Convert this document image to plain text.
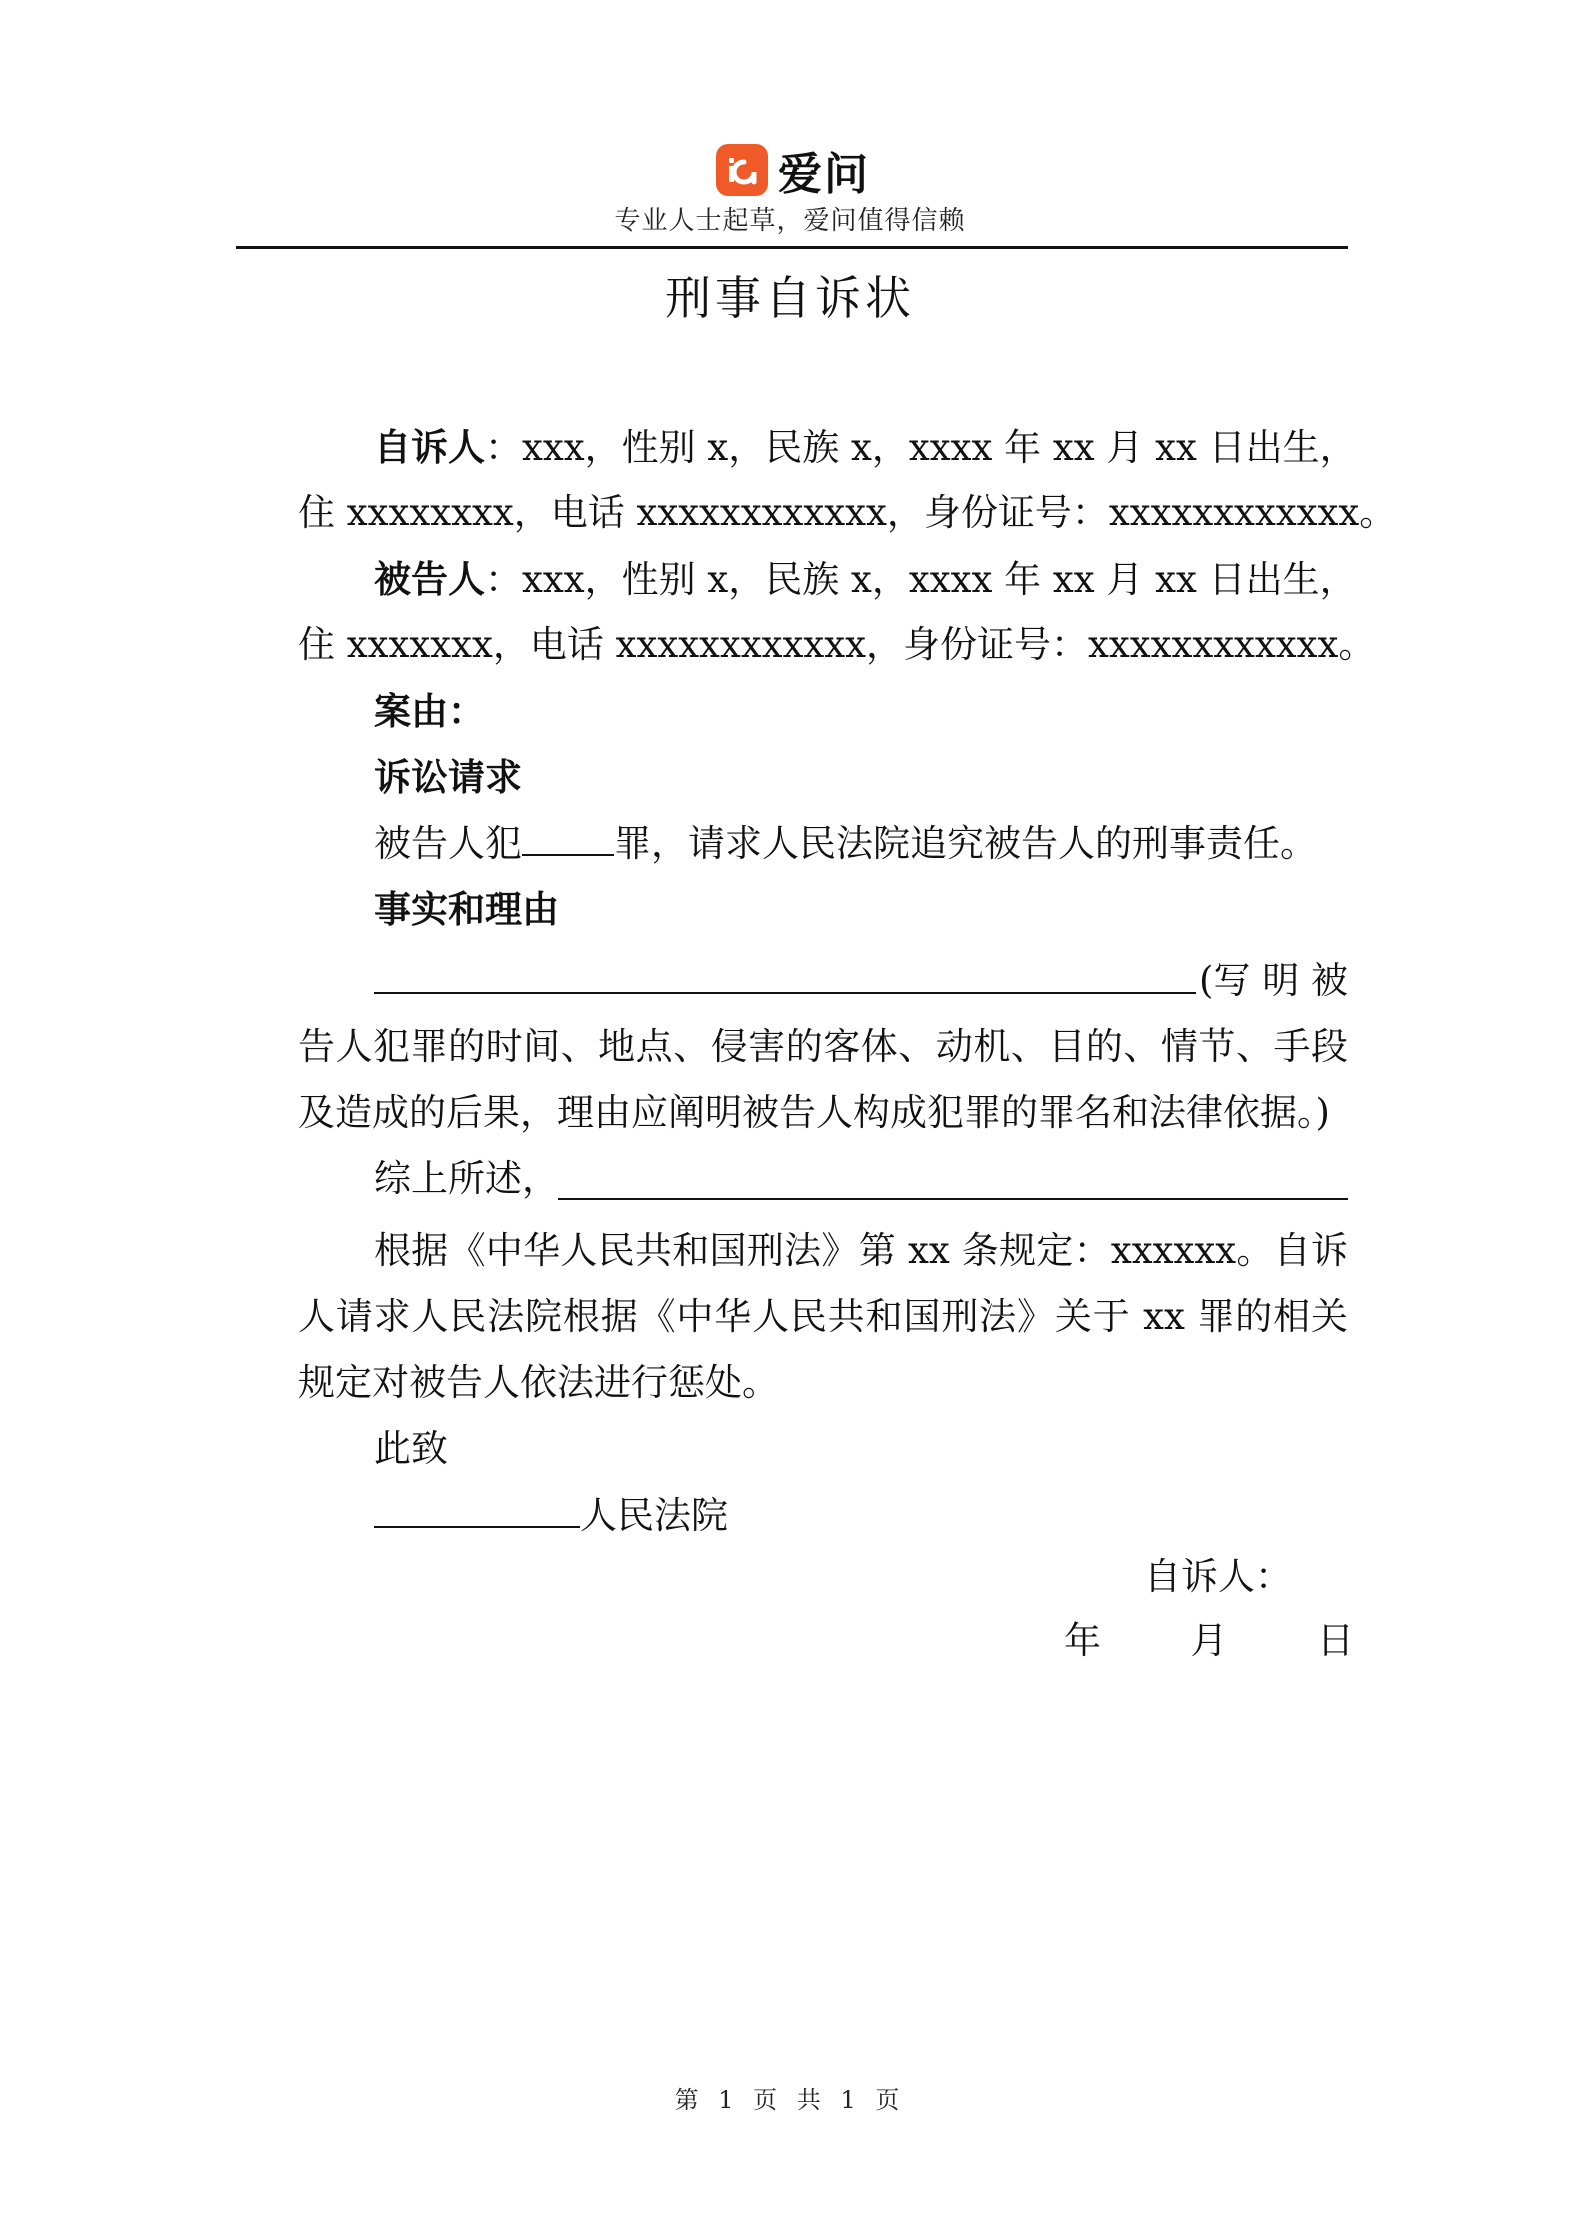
爱问
专业人士起草，爱问值得信赖
刑事自诉状
自诉人：xxx，性别 x，民族 x，xxxx 年 xx 月 xx 日出生，
住 xxxxxxxx，电话 xxxxxxxxxxxx，身份证号：xxxxxxxxxxxx。
被告人：xxx，性别 x，民族 x，xxxx 年 xx 月 xx 日出生，
住 xxxxxxx，电话 xxxxxxxxxxxx，身份证号：xxxxxxxxxxxx。
案由：
诉讼请求
被告人犯 罪，请求人民法院追究被告人的刑事责任。
事实和理由
(写 明 被
告人犯罪的时间、地点、侵害的客体、动机、目的、情节、手段
及造成的后果，理由应阐明被告人构成犯罪的罪名和法律依据。)
综上所述，
根据《中华人民共和国刑法》第 xx 条规定：xxxxxx。自诉
人请求人民法院根据《中华人民共和国刑法》关于 xx 罪的相关
规定对被告人依法进行惩处。
此致
人民法院
自诉人：
年 月 日
第 1 页 共 1 页
